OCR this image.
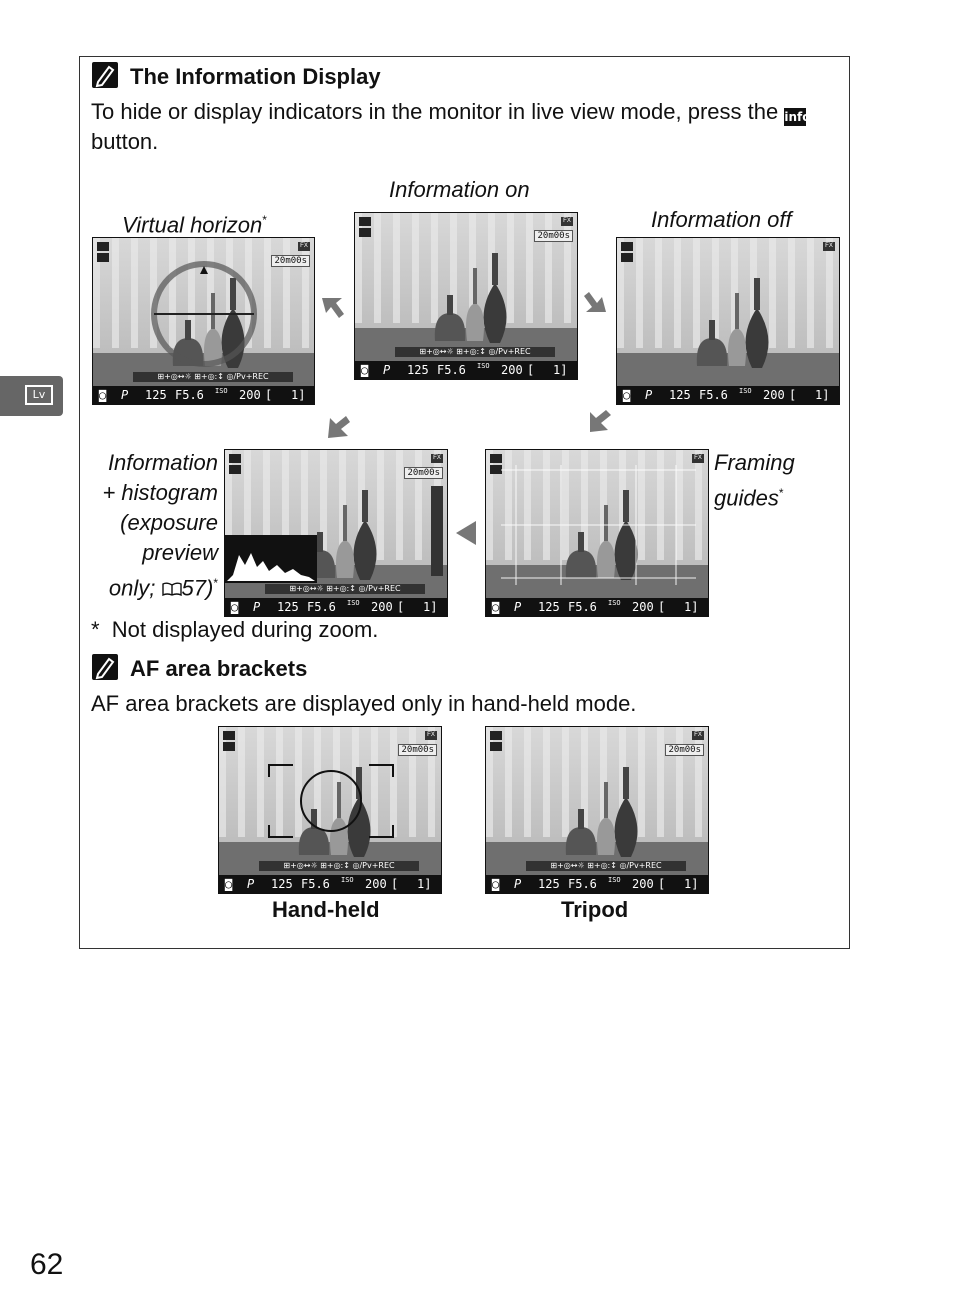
Lv
The Information Display
To hide or display indicators in the monitor in live view mode, press the infobutton.
Information on
Virtual horizon*	Information off
Information
+ histogram
(exposure
preview
only; 57)*
Framing
guides*
20m00s
⊞+◎↔☼ ⊞+◎:↕ ◎/Pv+REC
FX
◙ P 125 F5.6 ISO 200 [ 1]
20m00s
⊞+◎↔☼ ⊞+◎:↕ ◎/Pv+REC
FX
◙ P 125 F5.6 ISO 200 [ 1]
FX
◙ P 125 F5.6 ISO 200 [ 1]
20m00s
⊞+◎↔☼ ⊞+◎:↕ ◎/Pv+REC
FX
◙ P 125 F5.6 ISO 200 [ 1]
FX
◙ P 125 F5.6 ISO 200 [ 1]
20m00s
⊞+◎↔☼ ⊞+◎:↕ ◎/Pv+REC
FX
◙ P 125 F5.6 ISO 200 [ 1]
20m00s
⊞+◎↔☼ ⊞+◎:↕ ◎/Pv+REC
FX
◙ P 125 F5.6 ISO 200 [ 1]
* Not displayed during zoom.
AF area brackets
AF area brackets are displayed only in hand-held mode.
Hand-held	Tripod
62
